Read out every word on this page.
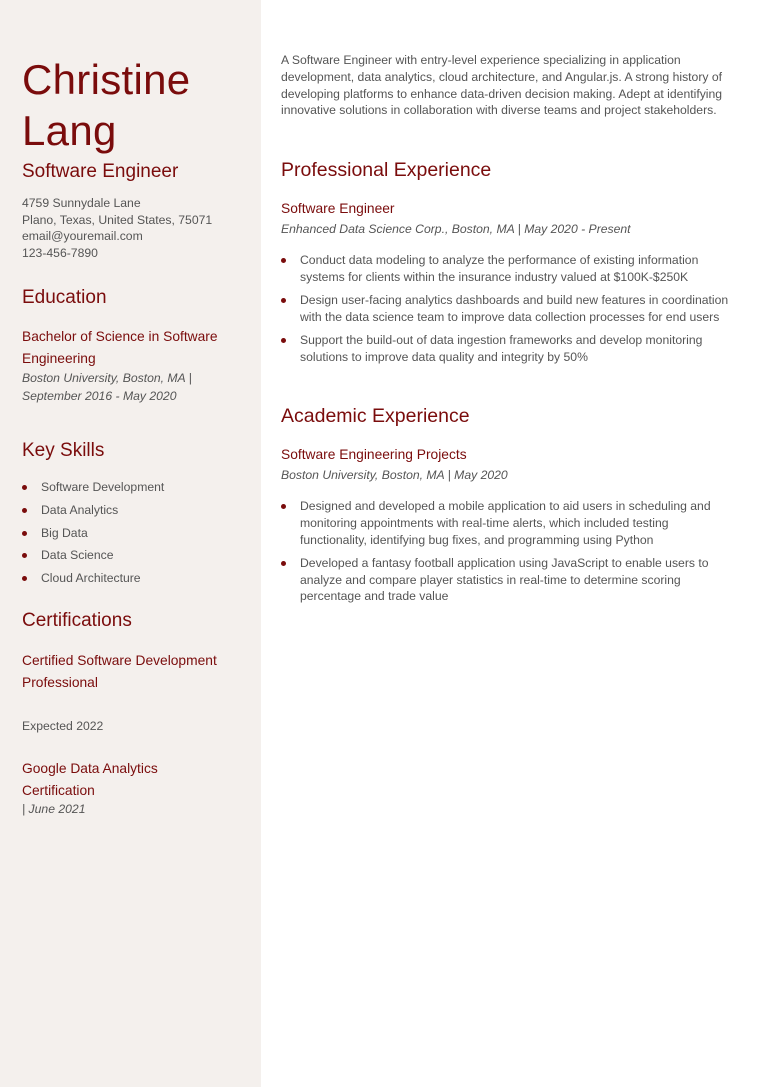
Christine
Lang
Software Engineer
4759 Sunnydale Lane
Plano, Texas, United States, 75071
email@youremail.com
123-456-7890
Education
Bachelor of Science in Software Engineering
Boston University, Boston, MA |
September 2016 - May 2020
Key Skills
Software Development
Data Analytics
Big Data
Data Science
Cloud Architecture
Certifications
Certified Software Development Professional
Expected 2022
Google Data Analytics Certification
| June 2021
A Software Engineer with entry-level experience specializing in application development, data analytics, cloud architecture, and Angular.js. A strong history of developing platforms to enhance data-driven decision making. Adept at identifying innovative solutions in collaboration with diverse teams and project stakeholders.
Professional Experience
Software Engineer
Enhanced Data Science Corp., Boston, MA | May 2020 - Present
Conduct data modeling to analyze the performance of existing information systems for clients within the insurance industry valued at $100K-$250K
Design user-facing analytics dashboards and build new features in coordination with the data science team to improve data collection processes for end users
Support the build-out of data ingestion frameworks and develop monitoring solutions to improve data quality and integrity by 50%
Academic Experience
Software Engineering Projects
Boston University, Boston, MA | May 2020
Designed and developed a mobile application to aid users in scheduling and monitoring appointments with real-time alerts, which included testing functionality, identifying bug fixes, and programming using Python
Developed a fantasy football application using JavaScript to enable users to analyze and compare player statistics in real-time to determine scoring percentage and trade value
